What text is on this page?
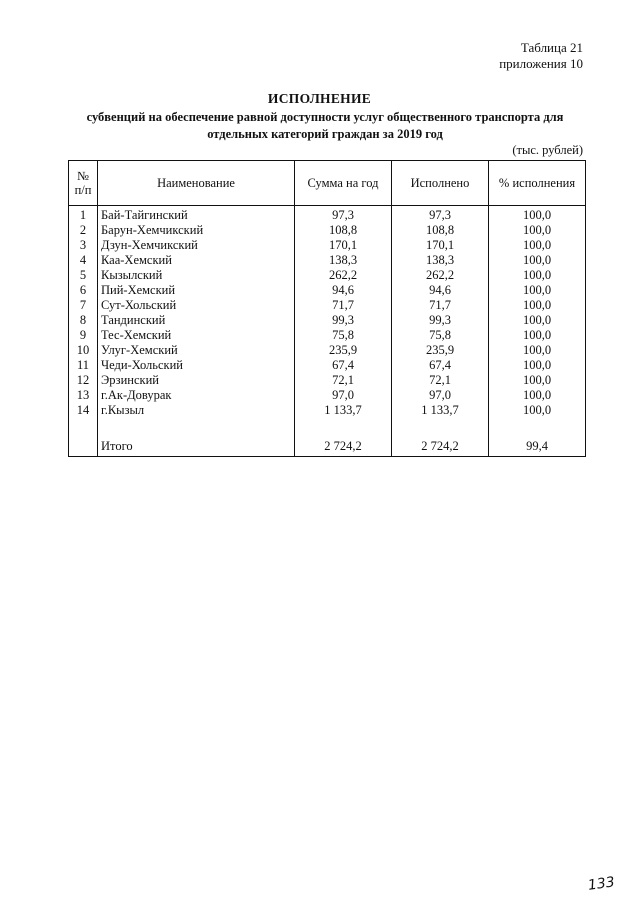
Таблица 21
приложения 10
ИСПОЛНЕНИЕ
субвенций на обеспечение равной доступности услуг общественного транспорта для
отдельных категорий граждан за 2019 год
(тыс. рублей)
№
п/п	Наименование	Сумма на год	Исполнено	% исполнения
1	Бай-Тайгинский	97,3	97,3	100,0
2	Барун-Хемчикский	108,8	108,8	100,0
3	Дзун-Хемчикский	170,1	170,1	100,0
4	Каа-Хемский	138,3	138,3	100,0
5	Кызылский	262,2	262,2	100,0
6	Пий-Хемский	94,6	94,6	100,0
7	Сут-Хольский	71,7	71,7	100,0
8	Тандинский	99,3	99,3	100,0
9	Тес-Хемский	75,8	75,8	100,0
10	Улуг-Хемский	235,9	235,9	100,0
11	Чеди-Хольский	67,4	67,4	100,0
12	Эрзинский	72,1	72,1	100,0
13	г.Ак-Довурак	97,0	97,0	100,0
14	г.Кызыл	1 133,7	1 133,7	100,0

	Итого	2 724,2	2 724,2	99,4
133
